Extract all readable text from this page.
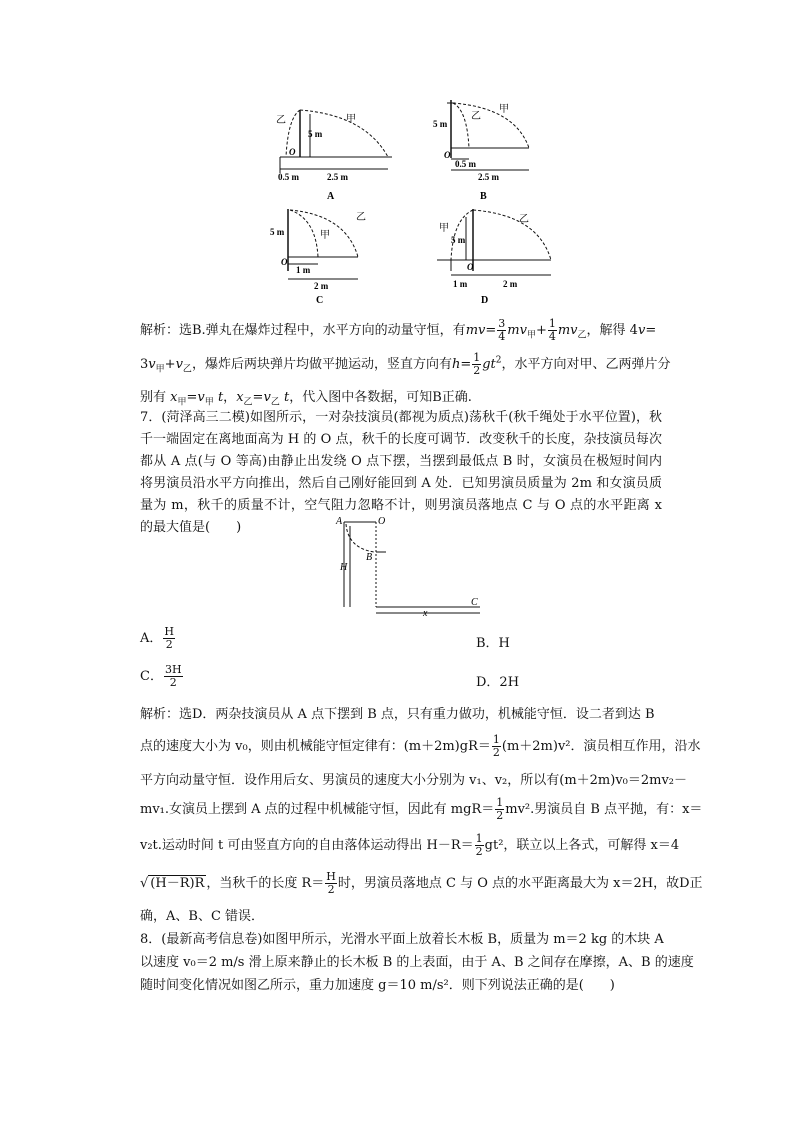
乙	甲
5 m
O
0.5 m	2.5 m
A
5 m
乙
甲
O
0.5 m
2.5 m
B
5 m
乙
甲
O
1 m
2 m
C
甲
乙
5 m
O
1 m	2 m
D
解析：选B.弹丸在爆炸过程中，水平方向的动量守恒，有$mv= \frac{3}{4} mv_甲+ \frac{1}{4} mv_乙$，解得 4v=
$3v_甲+v_乙$，爆炸后两块弹片均做平抛运动，竖直方向有$h= \frac{1}{2} gt^2$，水平方向对甲、乙两弹片分
别有 $x_甲=v_甲$ t，$x_乙=v_乙$ t，代入图中各数据，可知B正确.
7．(菏泽高三二模)如图所示，一对杂技演员(都视为质点)荡秋千(秋千绳处于水平位置)，秋千一端固定在离地面高为 H 的 O 点，秋千的长度可调节．改变秋千的长度，杂技演员每次都从 A 点(与 O 等高)由静止出发绕 O 点下摆，当摆到最低点 B 时，女演员在极短时间内将男演员沿水平方向推出，然后自己刚好能回到 A 处．已知男演员质量为 2m 和女演员质量为 m，秋千的质量不计，空气阻力忽略不计，则男演员落地点 C 与 O 点的水平距离 x 的最大值是(　　)	A	O
B
H
x
C
A． $\frac{H}{2}$	B．H
C． $\frac{3H}{2}$	D．2H
解析：选D．两杂技演员从 A 点下摆到 B 点，只有重力做功，机械能守恒．设二者到达 B
点的速度大小为 v₀，则由机械能守恒定律有：$(m+2m)gR= \frac{1}{2} (m+2m)v^2$．演员相互作用，沿水
平方向动量守恒．设作用后女、男演员的速度大小分别为 v₁、v₂，所以有(m＋2m)v₀＝2mv₂－
mv₁.女演员上摆到 A 点的过程中机械能守恒，因此有 $mgR= \frac{1}{2} mv^2$.男演员自 B 点平抛，有：x＝
v₂t.运动时间 t 可由竖直方向的自由落体运动得出 $H-R= \frac{1}{2} gt^2$，联立以上各式，可解得 x＝4
√ (H－R)R ，当秋千的长度 $R= \frac{H}{2}$ 时，男演员落地点 C 与 O 点的水平距离最大为 x＝2H，故D正
确，A、B、C 错误．
8．(最新高考信息卷)如图甲所示，光滑水平面上放着长木板 B，质量为 m＝2 kg 的木块 A
以速度 v₀＝2 m/s 滑上原来静止的长木板 B 的上表面，由于 A、B 之间存在摩擦，A、B 的速度
随时间变化情况如图乙所示，重力加速度 g＝10 m/s²．则下列说法正确的是(　　)
